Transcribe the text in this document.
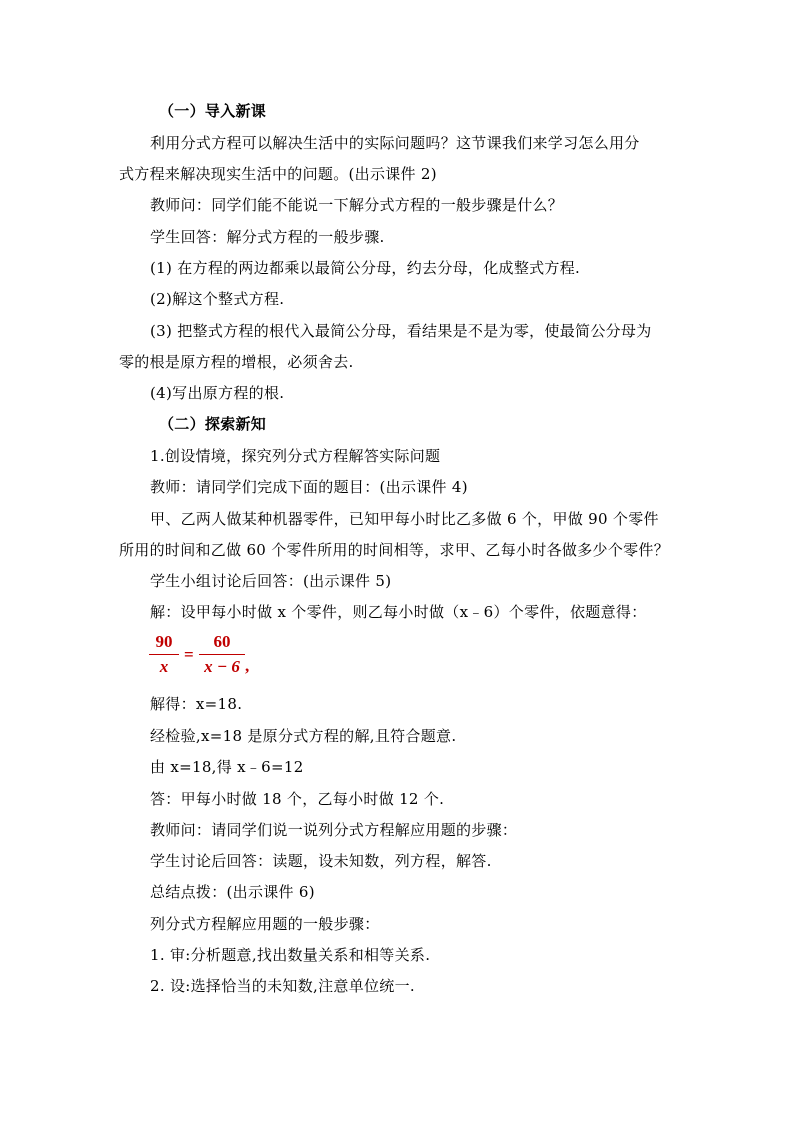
（一）导入新课
利用分式方程可以解决生活中的实际问题吗？这节课我们来学习怎么用分
式方程来解决现实生活中的问题。(出示课件 2)
教师问：同学们能不能说一下解分式方程的一般步骤是什么？
学生回答：解分式方程的一般步骤.
(1) 在方程的两边都乘以最简公分母，约去分母，化成整式方程.
(2)解这个整式方程.
(3) 把整式方程的根代入最简公分母，看结果是不是为零，使最简公分母为
零的根是原方程的增根，必须舍去.
(4)写出原方程的根.
（二）探索新知
1.创设情境，探究列分式方程解答实际问题
教师：请同学们完成下面的题目：(出示课件 4)
甲、乙两人做某种机器零件，已知甲每小时比乙多做 6 个，甲做 90 个零件
所用的时间和乙做 60 个零件所用的时间相等，求甲、乙每小时各做多少个零件？
学生小组讨论后回答：(出示课件 5)
解：设甲每小时做 x 个零件，则乙每小时做（x﹣6）个零件，依题意得：
90
x
=
60
x − 6 ,
解得：x=18.
经检验,x=18 是原分式方程的解,且符合题意.
由 x=18,得 x﹣6=12
答：甲每小时做 18 个，乙每小时做 12 个.
教师问：请同学们说一说列分式方程解应用题的步骤：
学生讨论后回答：读题，设未知数，列方程，解答.
总结点拨：(出示课件 6)
列分式方程解应用题的一般步骤：
1. 审:分析题意,找出数量关系和相等关系.
2. 设:选择恰当的未知数,注意单位统一.
